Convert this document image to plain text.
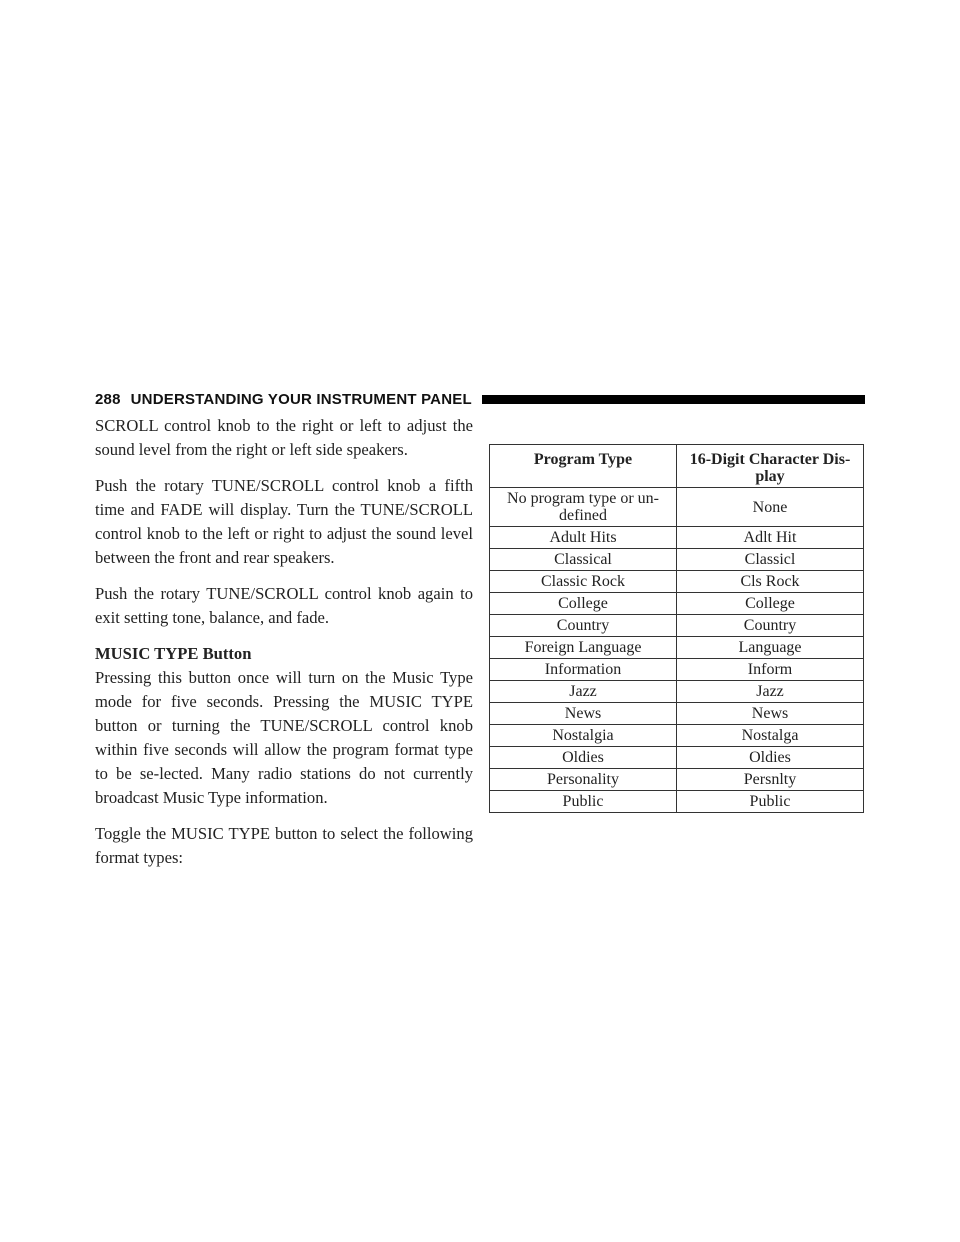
288 UNDERSTANDING YOUR INSTRUMENT PANEL

SCROLL control knob to the right or left to adjust the sound level from the right or left side speakers.

Push the rotary TUNE/SCROLL control knob a fifth time and FADE will display. Turn the TUNE/SCROLL control knob to the left or right to adjust the sound level between the front and rear speakers.

Push the rotary TUNE/SCROLL control knob again to exit setting tone, balance, and fade.

MUSIC TYPE Button

Pressing this button once will turn on the Music Type mode for five seconds. Pressing the MUSIC TYPE button or turning the TUNE/SCROLL control knob within five seconds will allow the program format type to be se-lected. Many radio stations do not currently broadcast Music Type information.

Toggle the MUSIC TYPE button to select the following format types:

Program Type	16-Digit Character Dis-play
No program type or un-defined	None
Adult Hits	Adlt Hit
Classical	Classicl
Classic Rock	Cls Rock
College	College
Country	Country
Foreign Language	Language
Information	Inform
Jazz	Jazz
News	News
Nostalgia	Nostalga
Oldies	Oldies
Personality	Persnlty
Public	Public
